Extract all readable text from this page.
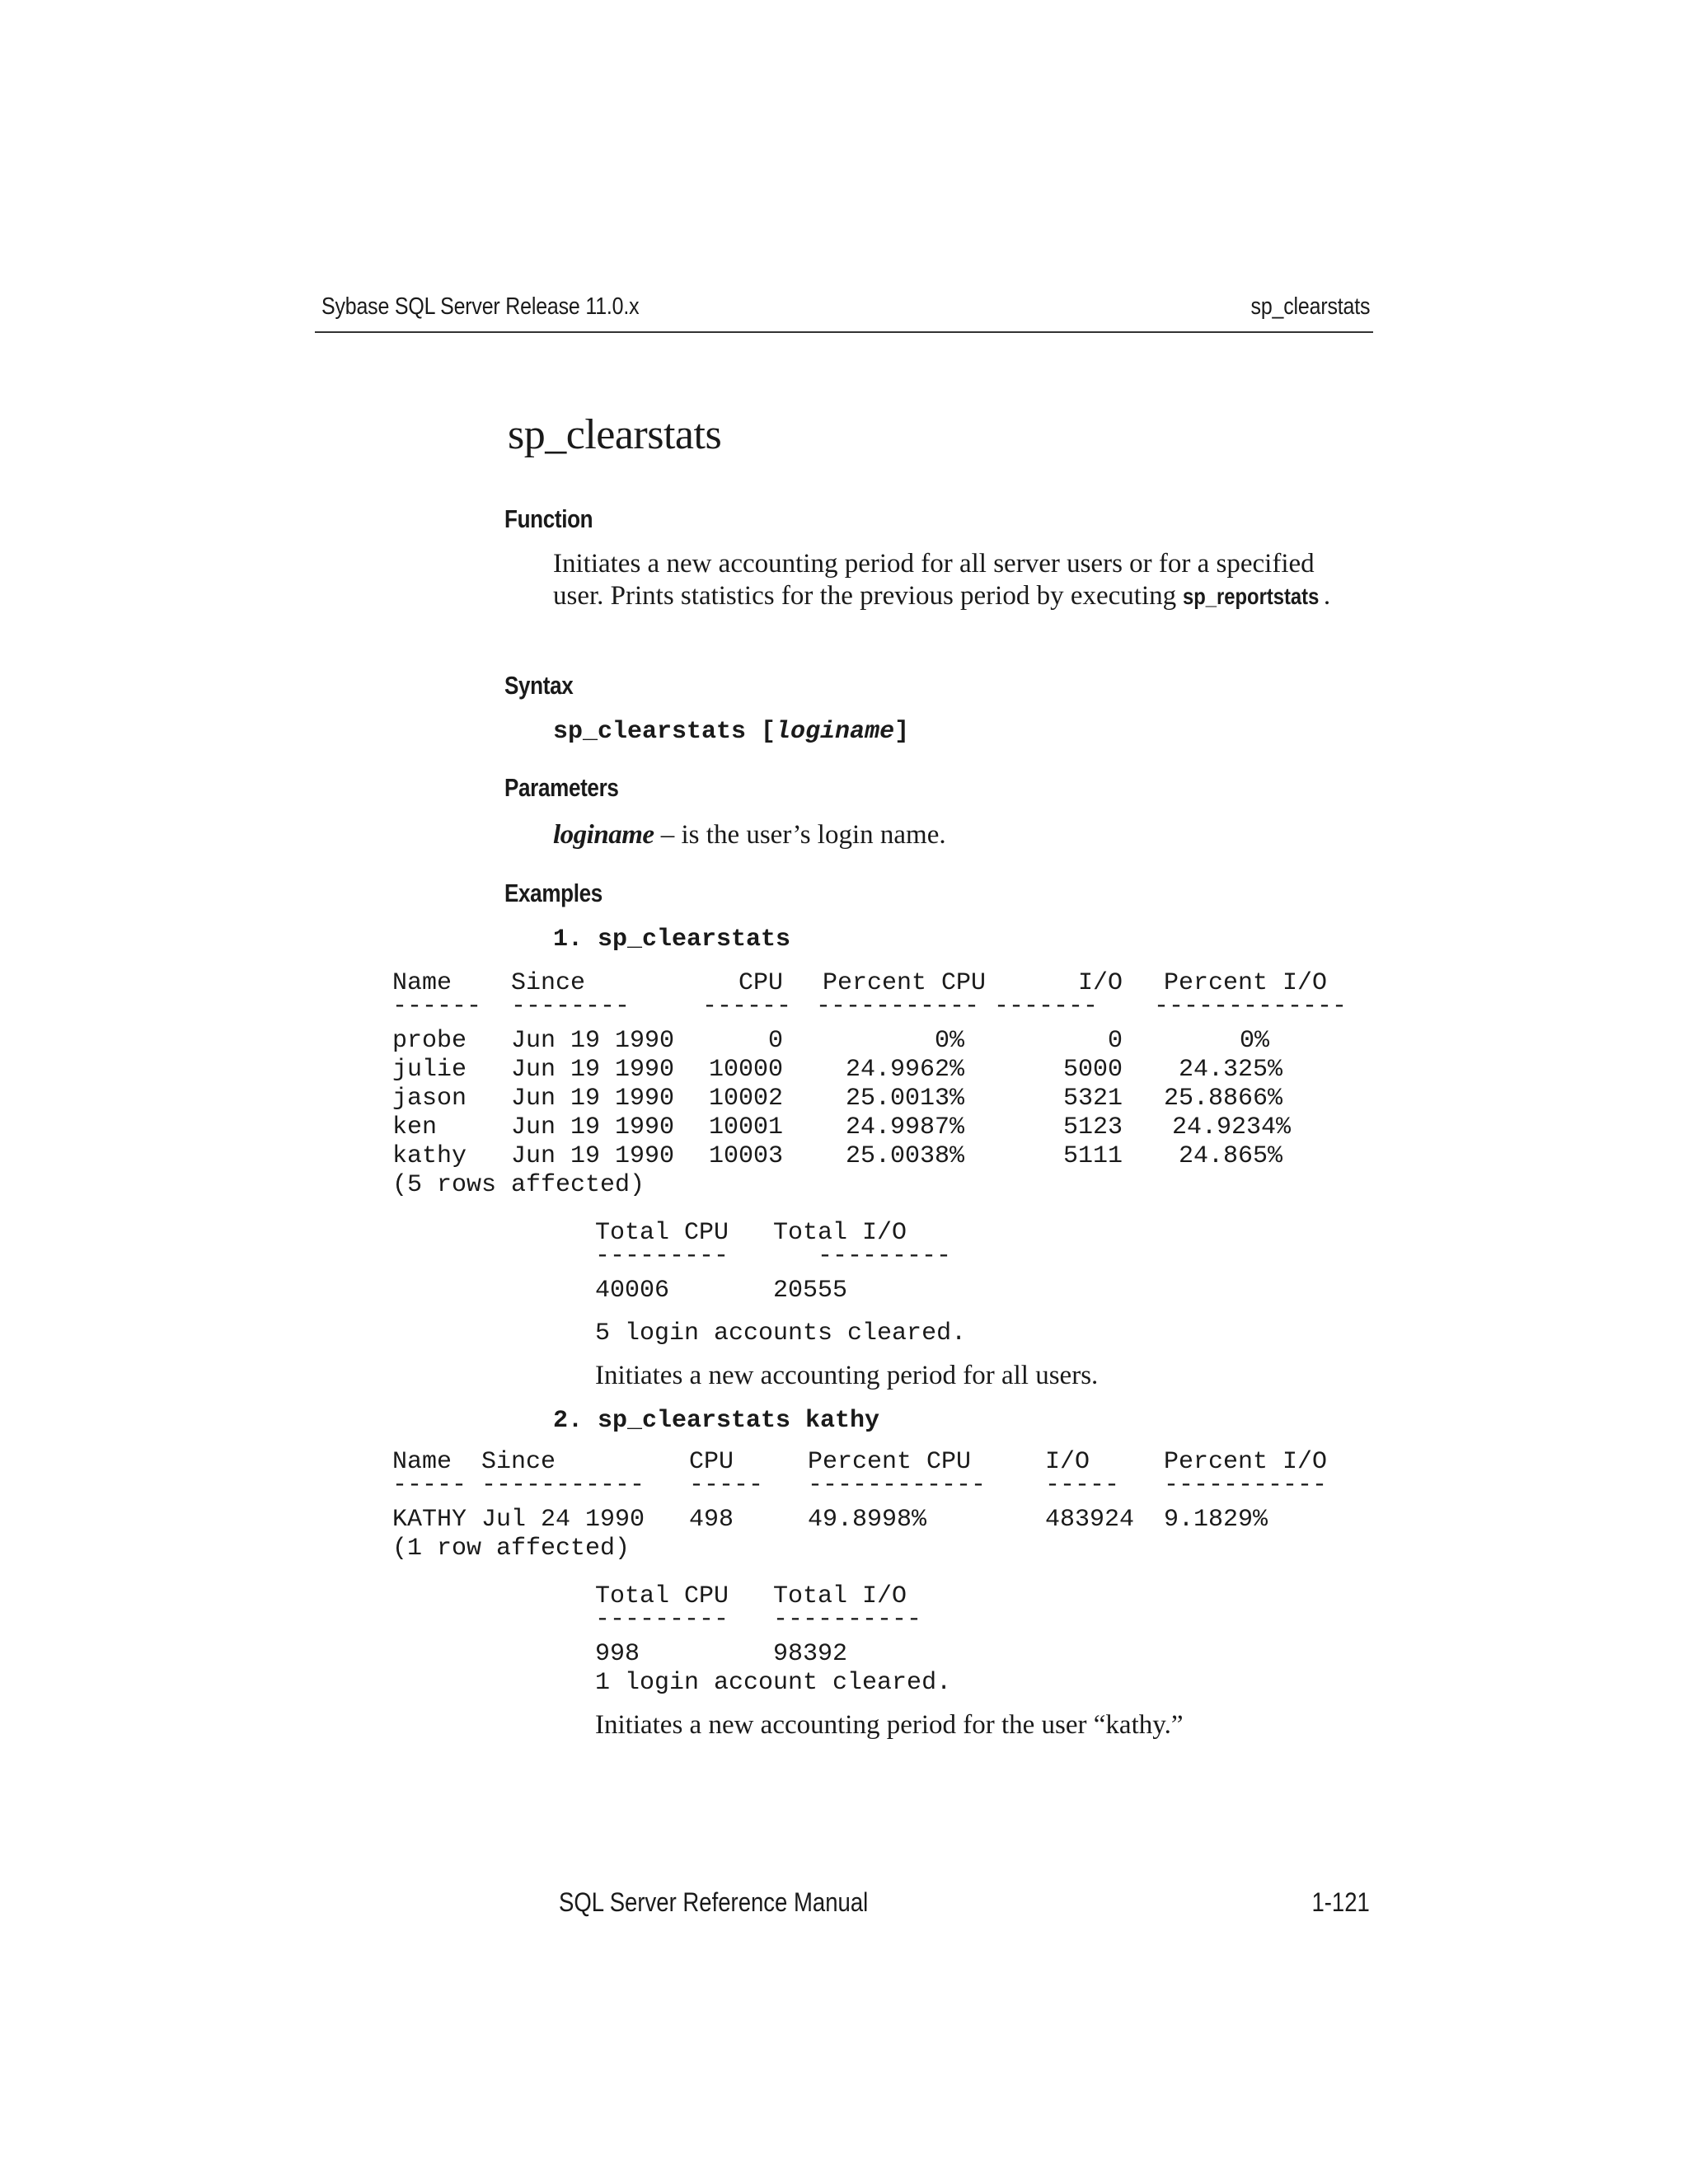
Sybase SQL Server Release 11.0.x	sp_clearstats
sp_clearstats
Function
Initiates a new accounting period for all server users or for a specified
user. Prints statistics for the previous period by executing sp_reportstats .
Syntax
sp_clearstats [loginame]
Parameters
loginame – is the user’s login name.
Examples
1. sp_clearstats
Name Since	CPU Percent CPU	I/O Percent I/O
------ --------	------ ----------- ------- -------------
probe Jun 19 1990	0	0%	0	0%
julie Jun 19 1990 10000	24.9962%	5000	24.325%
jason Jun 19 1990 10002	25.0013%	5321 25.8866%
ken	Jun 19 1990 10001	24.9987%	5123	24.9234%
kathy Jun 19 1990 10003	25.0038%	5111	24.865%
(5 rows affected)
Total CPU Total I/O
---------	---------
40006	20555
5 login accounts cleared.
Initiates a new accounting period for all users.
2. sp_clearstats kathy
Name Since	CPU	Percent CPU	I/O	Percent I/O
----- ----------- ----- ------------ ----- -----------
KATHY Jul 24 1990 498	49.8998%	483924 9.1829%
(1 row affected)
Total CPU Total I/O
--------- ----------
998	98392
1 login account cleared.
Initiates a new accounting period for the user “kathy.”
SQL Server Reference Manual	1-121
